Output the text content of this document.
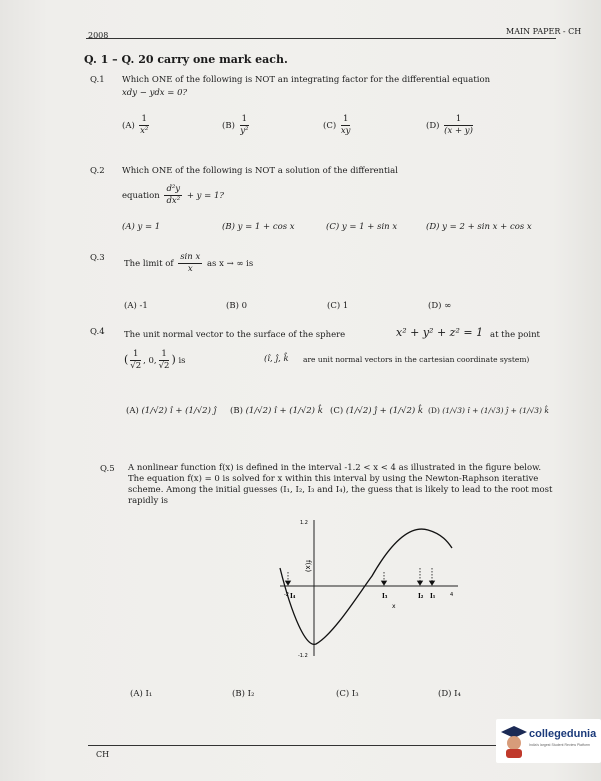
2008	MAIN PAPER - CH
Q. 1 – Q. 20 carry one mark each.
Q.1 Which ONE of the following is NOT an integrating factor for the differential equation
xdy − ydx = 0?
$(A) \frac{1}{\text{x²}}$	$(B) \frac{1}{\text{y²}}$	$(C) \frac{1}{xy}$	$(D) \frac{1}{(x + y)}$
Q.2 Which ONE of the following is NOT a solution of the differential
equation $\frac{\text{d²y}}{\text{dx²}} + y = 1$?
(A) y = 1	(B) y = 1 + cos x	(C) y = 1 + sin x	(D) y = 2 + sin x + cos x
Q.3
The limit of $\frac{\text{sin x}}{x}$ as x → ∞ is
(A) -1	(B) 0	(C) 1	(D) ∞
Q.4 The unit normal vector to the surface of the sphere	x² + y² + z² = 1 at the point
( $\frac{1}{√2}$ , 0, $\frac{1}{√2}$ ) is	(î, ĵ, k̂ are unit normal vectors in the cartesian coordinate system)
(A) (1/√2) î + (1/√2) ĵ (B) (1/√2) î + (1/√2) k̂ (C) (1/√2) ĵ + (1/√2) k̂ (D) (1/√3) î + (1/√3) ĵ + (1/√3) k̂
Q.5 A nonlinear function f(x) is defined in the interval -1.2 < x < 4 as illustrated in the figure below.
The equation f(x) = 0 is solved for x within this interval by using the Newton-Raphson iterative
scheme. Among the initial guesses (I₁, I₂, I₃ and I₄), the guess that is likely to lead to the root most
rapidly is
1.2
-1.2
f(x)
-2	4
x
I₄	I₃	I₂ I₁
(A) I₁	(B) I₂	(C) I₃	(D) I₄
CH
collegedunia
India's largest Student Review Platform
